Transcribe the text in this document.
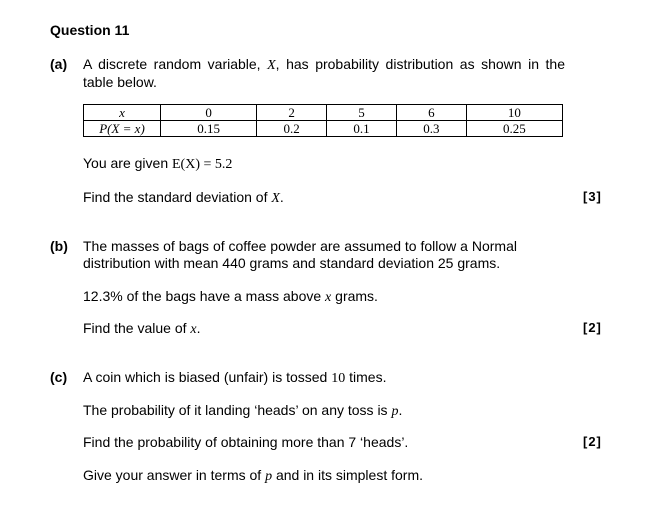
Question 11
(a) A discrete random variable, X, has probability distribution as shown in the table below.
x	0	2	5	6	10
P(X = x)	0.15	0.2	0.1	0.3	0.25
You are given E(X) = 5.2
Find the standard deviation of X.	[3]
(b) The masses of bags of coffee powder are assumed to follow a Normal
distribution with mean 440 grams and standard deviation 25 grams.
12.3% of the bags have a mass above x grams.
Find the value of x.	[2]
(c) A coin which is biased (unfair) is tossed 10 times.
The probability of it landing ‘heads’ on any toss is p.
Find the probability of obtaining more than 7 ‘heads’.	[2]
Give your answer in terms of p and in its simplest form.
